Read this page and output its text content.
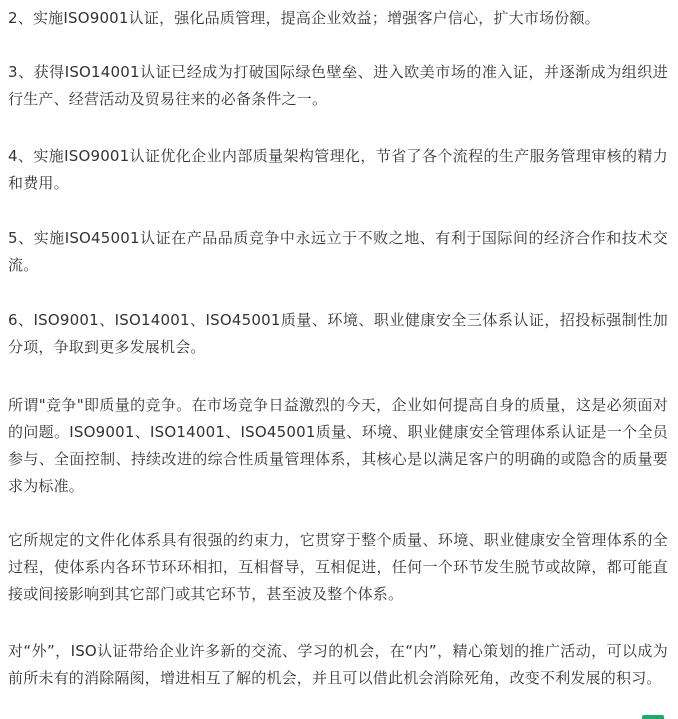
2、实施ISO9001认证，强化品质管理，提高企业效益；增强客户信心，扩大市场份额。

3、获得ISO14001认证已经成为打破国际绿色壁垒、进入欧美市场的准入证，并逐渐成为组织进行生产、经营活动及贸易往来的必备条件之一。

4、实施ISO9001认证优化企业内部质量架构管理化，节省了各个流程的生产服务管理审核的精力和费用。

5、实施ISO45001认证在产品品质竞争中永远立于不败之地、有利于国际间的经济合作和技术交流。

6、ISO9001、ISO14001、ISO45001质量、环境、职业健康安全三体系认证，招投标强制性加分项，争取到更多发展机会。

所谓"竞争"即质量的竞争。在市场竞争日益激烈的今天，企业如何提高自身的质量，这是必须面对的问题。ISO9001、ISO14001、ISO45001质量、环境、职业健康安全管理体系认证是一个全员参与、全面控制、持续改进的综合性质量管理体系，其核心是以满足客户的明确的或隐含的质量要求为标准。

它所规定的文件化体系具有很强的约束力，它贯穿于整个质量、环境、职业健康安全管理体系的全过程，使体系内各环节环环相扣，互相督导，互相促进，任何一个环节发生脱节或故障，都可能直接或间接影响到其它部门或其它环节，甚至波及整个体系。

对“外”，ISO认证带给企业许多新的交流、学习的机会，在“内”，精心策划的推广活动，可以成为前所未有的消除隔阂，增进相互了解的机会，并且可以借此机会消除死角，改变不利发展的积习。
